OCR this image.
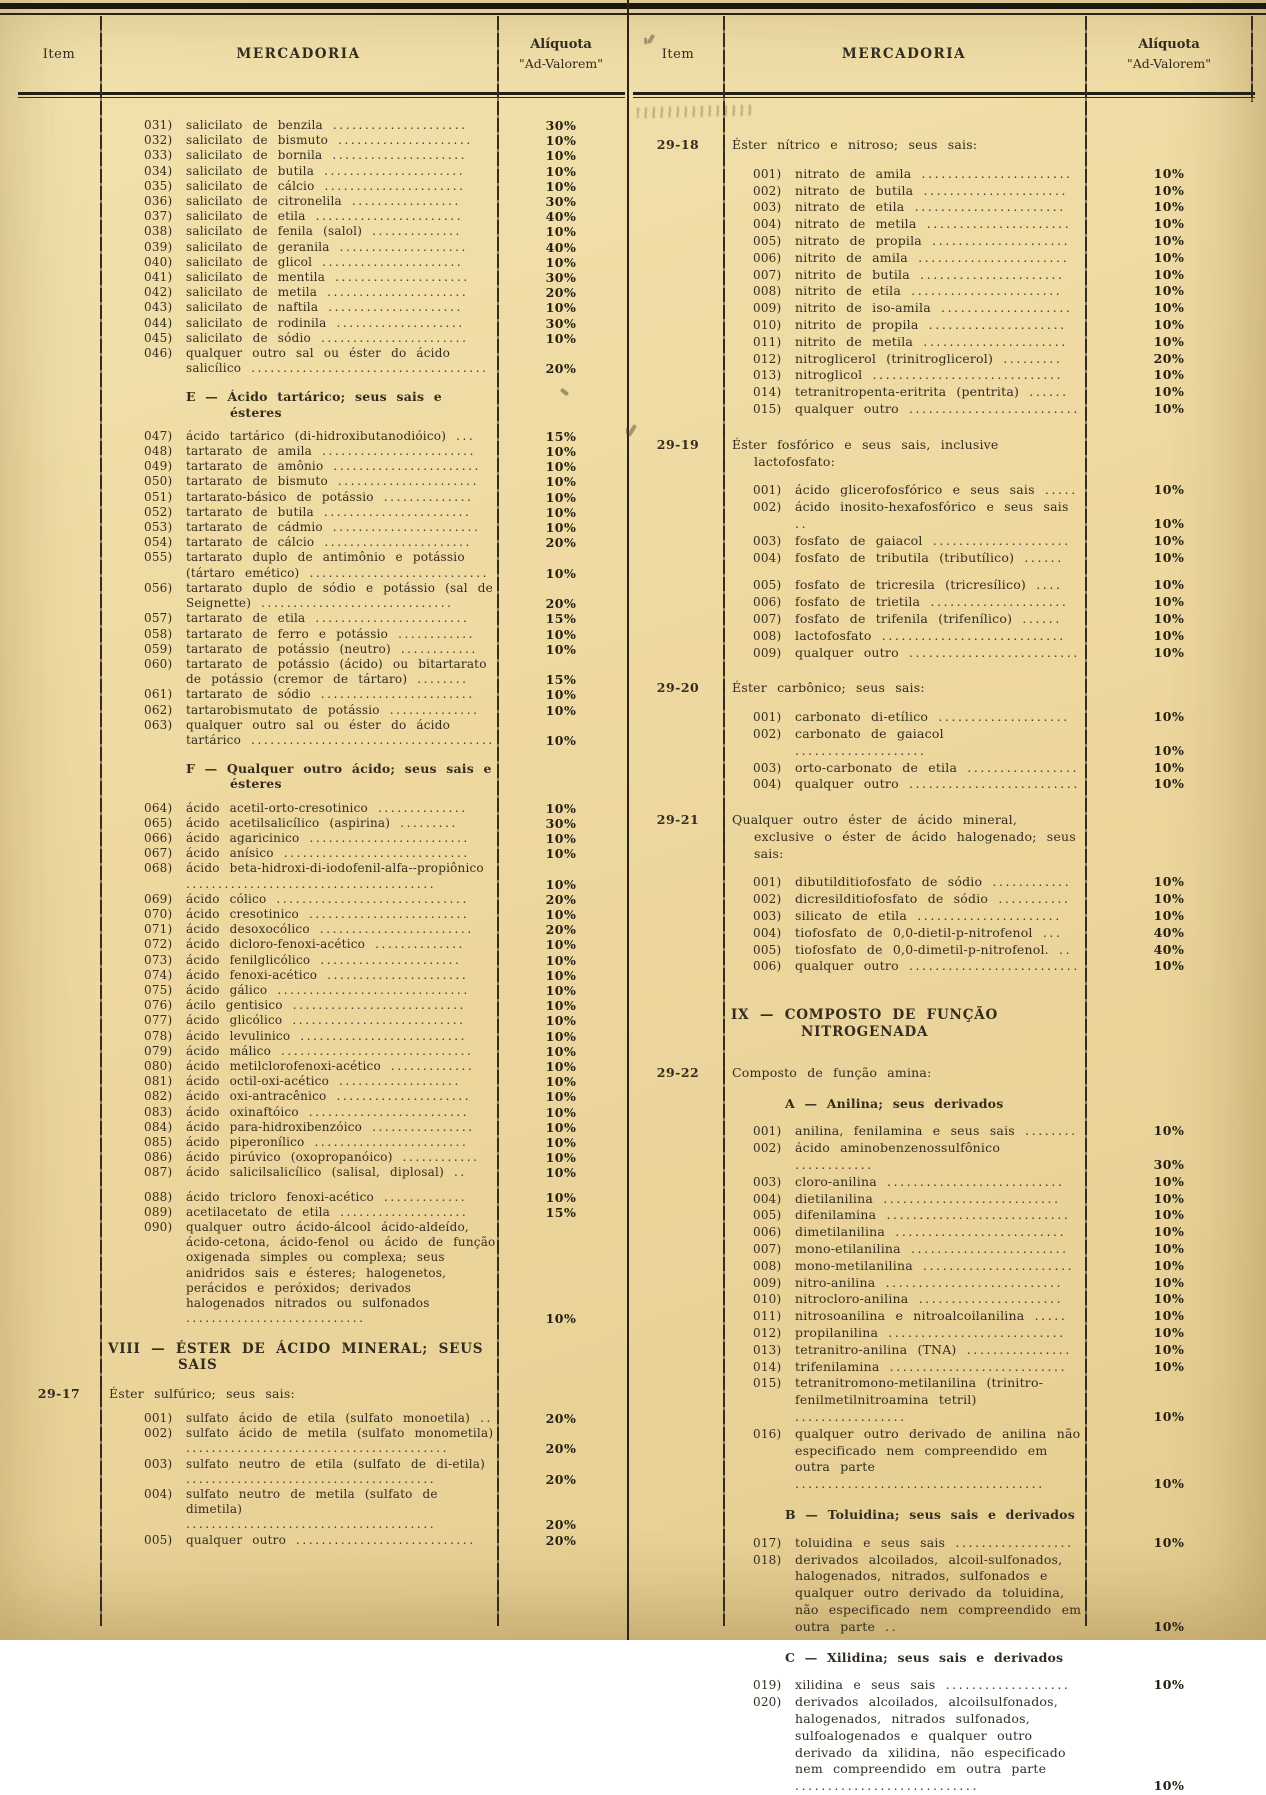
Item	MERCADORIA
Alíquota
"Ad-Valorem"
031)	salicilato de benzila .....................	30%
032)	salicilato de bismuto .....................	10%
033)	salicilato de bornila .....................	10%
034)	salicilato de butila ......................	10%
035)	salicilato de cálcio ......................	10%
036)	salicilato de citronelila .................	30%
037)	salicilato de etila .......................	40%
038)	salicilato de fenila (salol) ..............	10%
039)	salicilato de geranila ....................	40%
040)	salicilato de glicol ......................	10%
041)	salicilato de mentila .....................	30%
042)	salicilato de metila ......................	20%
043)	salicilato de naftila .....................	10%
044)	salicilato de rodinila ....................	30%
045)	salicilato de sódio .......................	10%
046)	qualquer outro sal ou éster do ácido salicílico .....................................	20%
E — Ácido tartárico; seus sais e ésteres
047)	ácido tartárico (di-hidroxibutanodióico) ...	15%
048)	tartarato de amila ........................	10%
049)	tartarato de amônio .......................	10%
050)	tartarato de bismuto ......................	10%
051)	tartarato-básico de potássio ..............	10%
052)	tartarato de butila .......................	10%
053)	tartarato de cádmio .......................	10%
054)	tartarato de cálcio .......................	20%
055)	tartarato duplo de antimônio e potássio (tártaro emético) ............................	10%
056)	tartarato duplo de sódio e potássio (sal de Seignette) ..............................	20%
057)	tartarato de etila ........................	15%
058)	tartarato de ferro e potássio ............	10%
059)	tartarato de potássio (neutro) ............	10%
060)	tartarato de potássio (ácido) ou bitartarato de potássio (cremor de tártaro) ........	15%
061)	tartarato de sódio ........................	10%
062)	tartarobismutato de potássio ..............	10%
063)	qualquer outro sal ou éster do ácido tartárico ......................................	10%
F — Qualquer outro ácido; seus sais e ésteres
064)	ácido acetil-orto-cresotinico ..............	10%
065)	ácido acetilsalicílico (aspirina) .........	30%
066)	ácido agaricinico .........................	10%
067)	ácido anísico .............................	10%
068)	ácido beta-hidroxi-di-iodofenil-alfa--propiônico .......................................	10%
069)	ácido cólico ..............................	20%
070)	ácido cresotinico .........................	10%
071)	ácido desoxocólico ........................	20%
072)	ácido dicloro-fenoxi-acético ..............	10%
073)	ácido fenilglicólico ......................	10%
074)	ácido fenoxi-acético ......................	10%
075)	ácido gálico ..............................	10%
076)	ácilo gentisico ...........................	10%
077)	ácido glicólico ...........................	10%
078)	ácido levulinico ..........................	10%
079)	ácido málico ..............................	10%
080)	ácido metilclorofenoxi-acético .............	10%
081)	ácido octil-oxi-acético ...................	10%
082)	ácido oxi-antracênico .....................	10%
083)	ácido oxinaftóico .........................	10%
084)	ácido para-hidroxibenzóico ................	10%
085)	ácido piperonílico ........................	10%
086)	ácido pirúvico (oxopropanóico) ............	10%
087)	ácido salicilsalicílico (salisal, diplosal) ..	10%
088)	ácido tricloro fenoxi-acético .............	10%
089)	acetilacetato de etila ....................	15%
090)	qualquer outro ácido-álcool ácido-aldeído, ácido-cetona, ácido-fenol ou ácido de função oxigenada simples ou complexa; seus anidridos sais e ésteres; halogenetos, perácidos e peróxidos; derivados halogenados nitrados ou sulfonados ............................	10%
VIII — ÉSTER DE ÁCIDO MINERAL; SEUS SAIS
29-17	Éster sulfúrico; seus sais:
001)	sulfato ácido de etila (sulfato monoetila) ..	20%
002)	sulfato ácido de metila (sulfato monometila) .........................................	20%
003)	sulfato neutro de etila (sulfato de di-etila) .......................................	20%
004)	sulfato neutro de metila (sulfato de dimetila) .......................................	20%
005)	qualquer outro ............................	20%
Item	MERCADORIA
Alíquota
"Ad-Valorem"
29-18	Éster nítrico e nitroso; seus sais:
001)	nitrato de amila .......................	10%
002)	nitrato de butila ......................	10%
003)	nitrato de etila .......................	10%
004)	nitrato de metila ......................	10%
005)	nitrato de propila .....................	10%
006)	nitrito de amila .......................	10%
007)	nitrito de butila ......................	10%
008)	nitrito de etila .......................	10%
009)	nitrito de iso-amila ....................	10%
010)	nitrito de propila .....................	10%
011)	nitrito de metila ......................	10%
012)	nitroglicerol (trinitroglicerol) .........	20%
013)	nitroglicol .............................	10%
014)	tetranitropenta-eritrita (pentrita) ......	10%
015)	qualquer outro ..........................	10%
29-19	Éster fosfórico e seus sais, inclusive lactofosfato:
001)	ácido glicerofosfórico e seus sais .....	10%
002)	ácido inosito-hexafosfórico e seus sais ..	10%
003)	fosfato de gaiacol .....................	10%
004)	fosfato de tributila (tributílico) ......	10%
005)	fosfato de tricresila (tricresílico) ....	10%
006)	fosfato de trietila .....................	10%
007)	fosfato de trifenila (trifenílico) ......	10%
008)	lactofosfato ............................	10%
009)	qualquer outro ..........................	10%
29-20	Éster carbônico; seus sais:
001)	carbonato di-etílico ....................	10%
002)	carbonato de gaiacol ....................	10%
003)	orto-carbonato de etila .................	10%
004)	qualquer outro ..........................	10%
29-21	Qualquer outro éster de ácido mineral, exclusive o éster de ácido halogenado; seus sais:
001)	dibutilditiofosfato de sódio ............	10%
002)	dicresilditiofosfato de sódio ...........	10%
003)	silicato de etila ......................	10%
004)	tiofosfato de 0,0-dietil-p-nitrofenol ...	40%
005)	tiofosfato de 0,0-dimetil-p-nitrofenol. ..	40%
006)	qualquer outro ..........................	10%
IX — COMPOSTO DE FUNÇÃO NITROGENADA
29-22	Composto de função amina:
A — Anilina; seus derivados
001)	anilina, fenilamina e seus sais ........	10%
002)	ácido aminobenzenossulfônico ............	30%
003)	cloro-anilina ...........................	10%
004)	dietilanilina ...........................	10%
005)	difenilamina ............................	10%
006)	dimetilanilina ..........................	10%
007)	mono-etilanilina ........................	10%
008)	mono-metilanilina .......................	10%
009)	nitro-anilina ...........................	10%
010)	nitrocloro-anilina ......................	10%
011)	nitrosoanilina e nitroalcoilanilina .....	10%
012)	propilanilina ...........................	10%
013)	tetranitro-anilina (TNA) ................	10%
014)	trifenilamina ...........................	10%
015)	tetranitromono-metilanilina (trinitro-fenilmetilnitroamina tetril) .................	10%
016)	qualquer outro derivado de anilina não especificado nem compreendido em outra parte ......................................	10%
B — Toluidina; seus sais e derivados
017)	toluidina e seus sais ..................	10%
018)	derivados alcoilados, alcoil-sulfonados, halogenados, nitrados, sulfonados e qualquer outro derivado da toluidina, não especificado nem compreendido em outra parte ..	10%
C — Xilidina; seus sais e derivados
019)	xilidina e seus sais ...................	10%
020)	derivados alcoilados, alcoilsulfonados, halogenados, nitrados sulfonados, sulfoalogenados e qualquer outro derivado da xilidina, não especificado nem compreendido em outra parte ............................	10%
